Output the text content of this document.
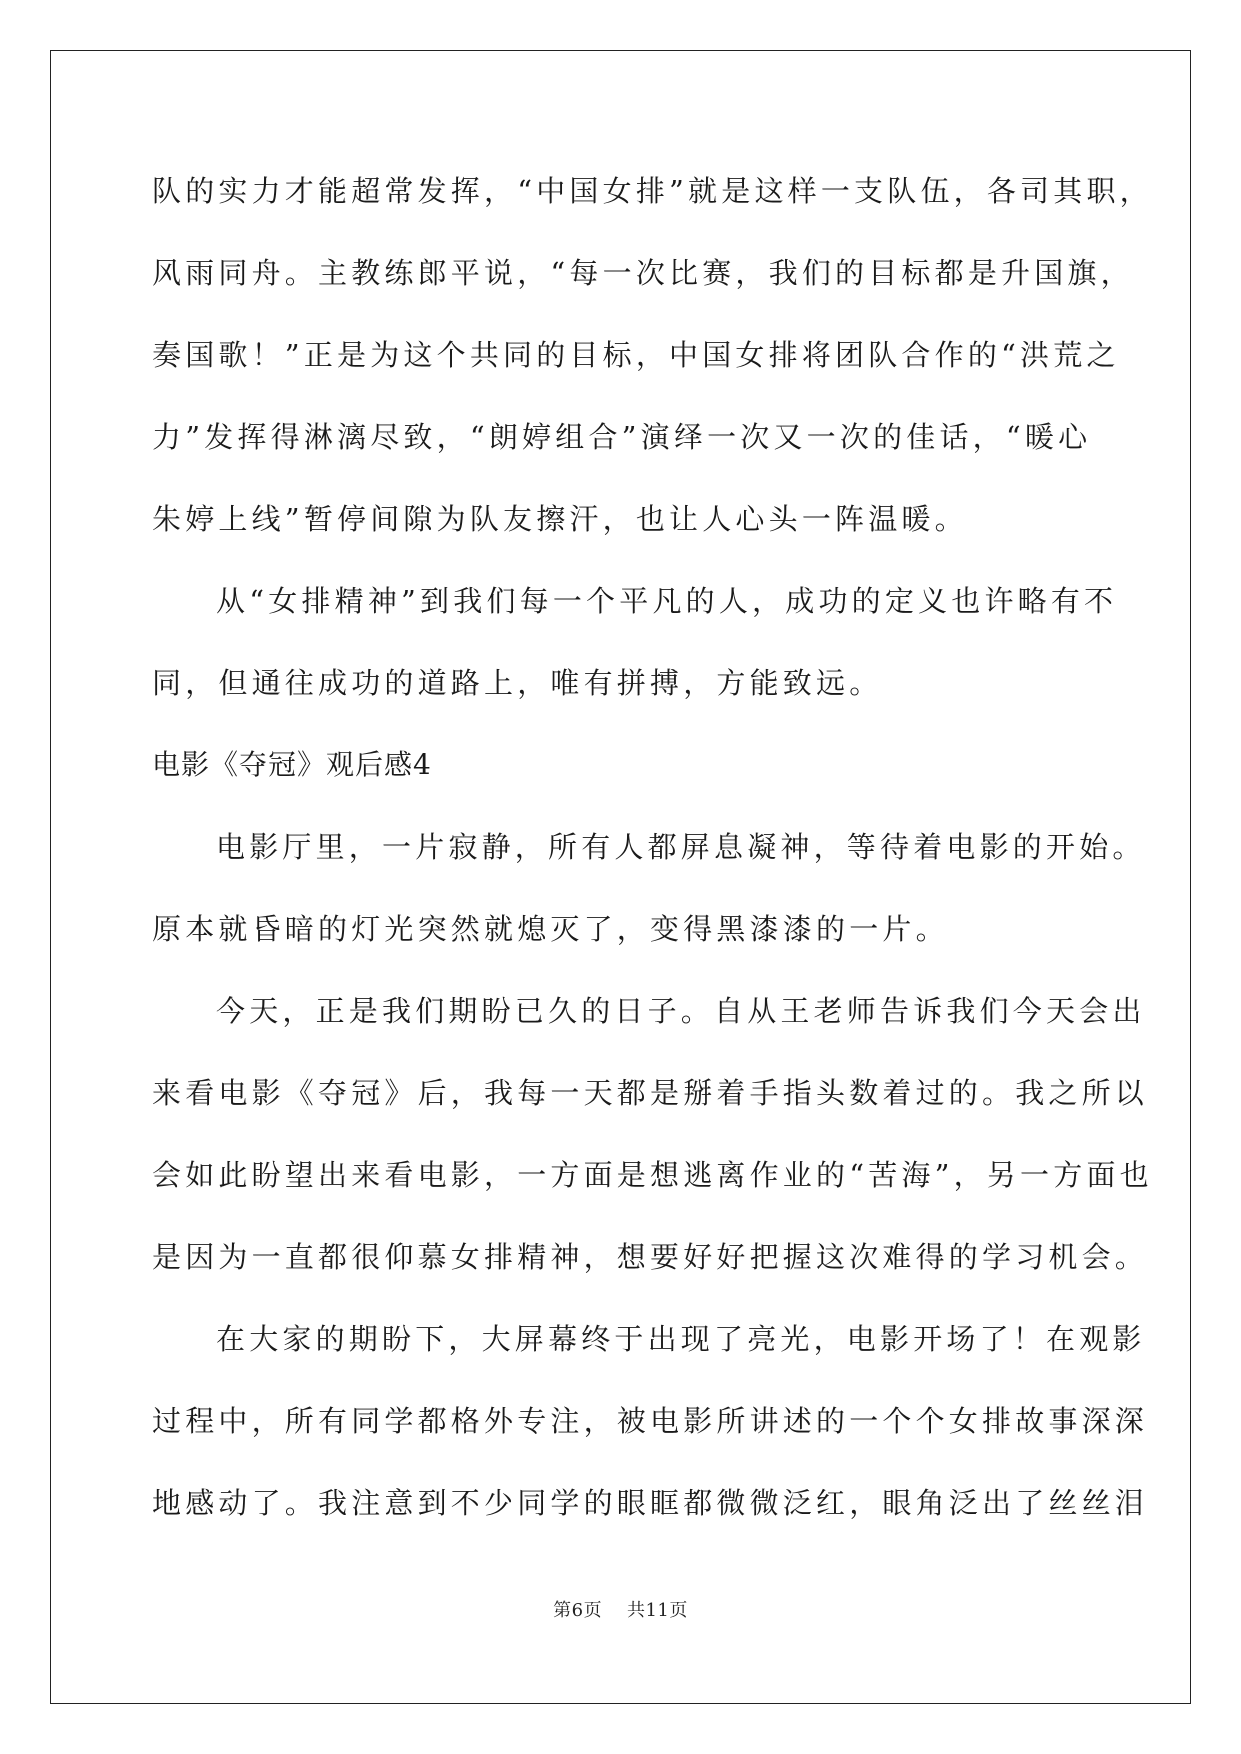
队的实力才能超常发挥，“中国女排”就是这样一支队伍，各司其职，
风雨同舟。主教练郎平说，“每一次比赛，我们的目标都是升国旗，
奏国歌！”正是为这个共同的目标，中国女排将团队合作的“洪荒之
力”发挥得淋漓尽致，“朗婷组合”演绎一次又一次的佳话，“暖心
朱婷上线”暂停间隙为队友擦汗，也让人心头一阵温暖。
从“女排精神”到我们每一个平凡的人，成功的定义也许略有不
同，但通往成功的道路上，唯有拼搏，方能致远。
电影《夺冠》观后感4
电影厅里，一片寂静，所有人都屏息凝神，等待着电影的开始。
原本就昏暗的灯光突然就熄灭了，变得黑漆漆的一片。
今天，正是我们期盼已久的日子。自从王老师告诉我们今天会出
来看电影《夺冠》后，我每一天都是掰着手指头数着过的。我之所以
会如此盼望出来看电影，一方面是想逃离作业的“苦海”，另一方面也
是因为一直都很仰慕女排精神，想要好好把握这次难得的学习机会。
在大家的期盼下，大屏幕终于出现了亮光，电影开场了！在观影
过程中，所有同学都格外专注，被电影所讲述的一个个女排故事深深
地感动了。我注意到不少同学的眼眶都微微泛红，眼角泛出了丝丝泪
第6页    共11页
